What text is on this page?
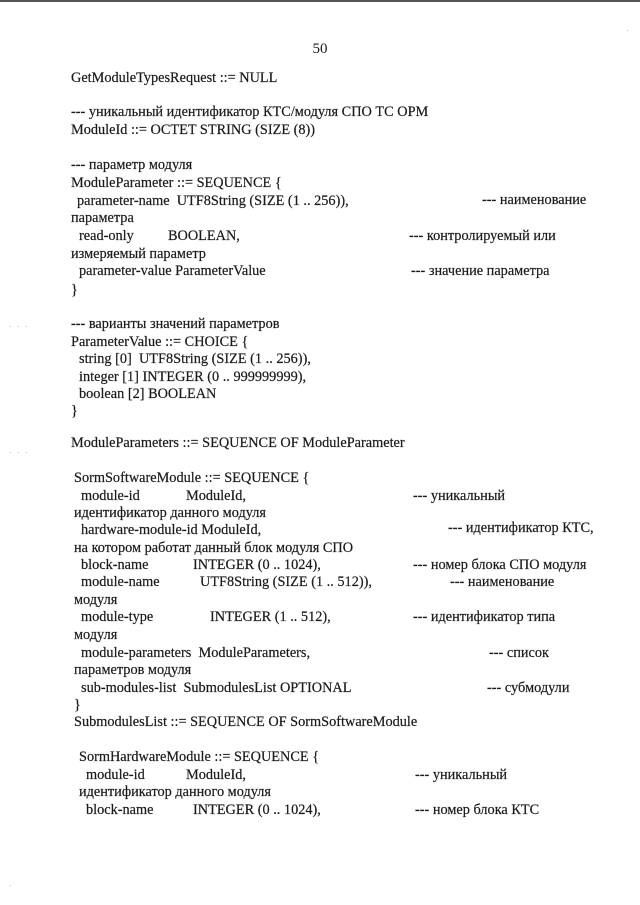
50
GetModuleTypesRequest ::= NULL
--- уникальный идентификатор КТС/модуля СПО ТС ОРМ
ModuleId ::= OCTET STRING (SIZE (8))
--- параметр модуля
ModuleParameter ::= SEQUENCE {
parameter-name  UTF8String (SIZE (1 .. 256)),	--- наименование
параметра
read-only BOOLEAN,	--- контролируемый или
измеряемый параметр
parameter-value ParameterValue	--- значение параметра
}
--- варианты значений параметров
ParameterValue ::= CHOICE {
string [0]  UTF8String (SIZE (1 .. 256)),
integer [1] INTEGER (0 .. 999999999),
boolean [2] BOOLEAN
}
ModuleParameters ::= SEQUENCE OF ModuleParameter
SormSoftwareModule ::= SEQUENCE {
module-id	ModuleId,	--- уникальный
идентификатор данного модуля
hardware-module-id ModuleId,	--- идентификатор КТС,
на котором работат данный блок модуля СПО
block-name	INTEGER (0 .. 1024),	--- номер блока СПО модуля
module-name	UTF8String (SIZE (1 .. 512)),	--- наименование
модуля
module-type	INTEGER (1 .. 512),	--- идентификатор типа
модуля
module-parameters  ModuleParameters,	--- список
параметров модуля
sub-modules-list  SubmodulesList OPTIONAL	--- субмодули
}
SubmodulesList ::= SEQUENCE OF SormSoftwareModule
SormHardwareModule ::= SEQUENCE {
module-id	ModuleId,	--- уникальный
идентификатор данного модуля
block-name	INTEGER (0 .. 1024),	--- номер блока КТС
